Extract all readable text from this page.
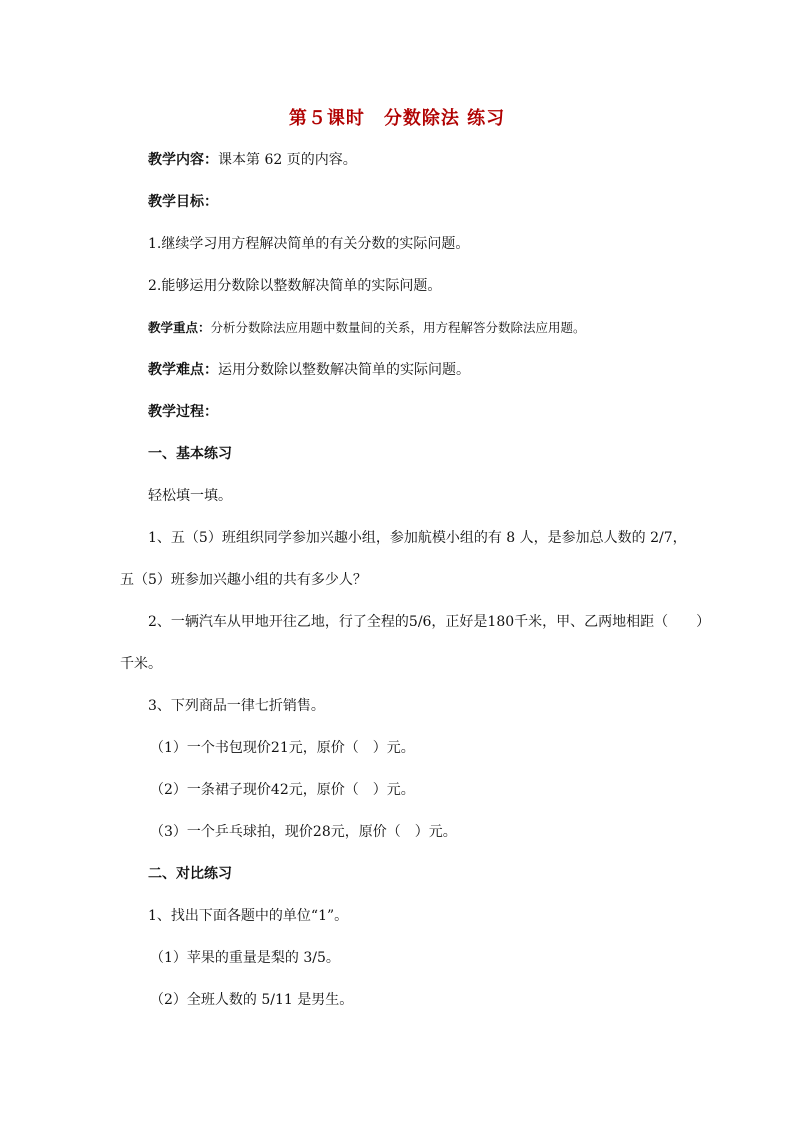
第５课时　分数除法 练习
教学内容：课本第 62 页的内容。
教学目标：
1.继续学习用方程解决简单的有关分数的实际问题。
2.能够运用分数除以整数解决简单的实际问题。
教学重点：分析分数除法应用题中数量间的关系，用方程解答分数除法应用题。
教学难点：运用分数除以整数解决简单的实际问题。
教学过程：
一、基本练习
轻松填一填。
1、五（5）班组织同学参加兴趣小组，参加航模小组的有 8 人，是参加总人数的 2/7，
五（5）班参加兴趣小组的共有多少人？
2、一辆汽车从甲地开往乙地，行了全程的5/6，正好是180千米，甲、乙两地相距（　　）
千米。
3、下列商品一律七折销售。
（1）一个书包现价21元，原价（　）元。
（2）一条裙子现价42元，原价（　）元。
（3）一个乒乓球拍，现价28元，原价（　）元。
二、对比练习
1、找出下面各题中的单位“1”。
（1）苹果的重量是梨的 3/5。
（2）全班人数的 5/11 是男生。
